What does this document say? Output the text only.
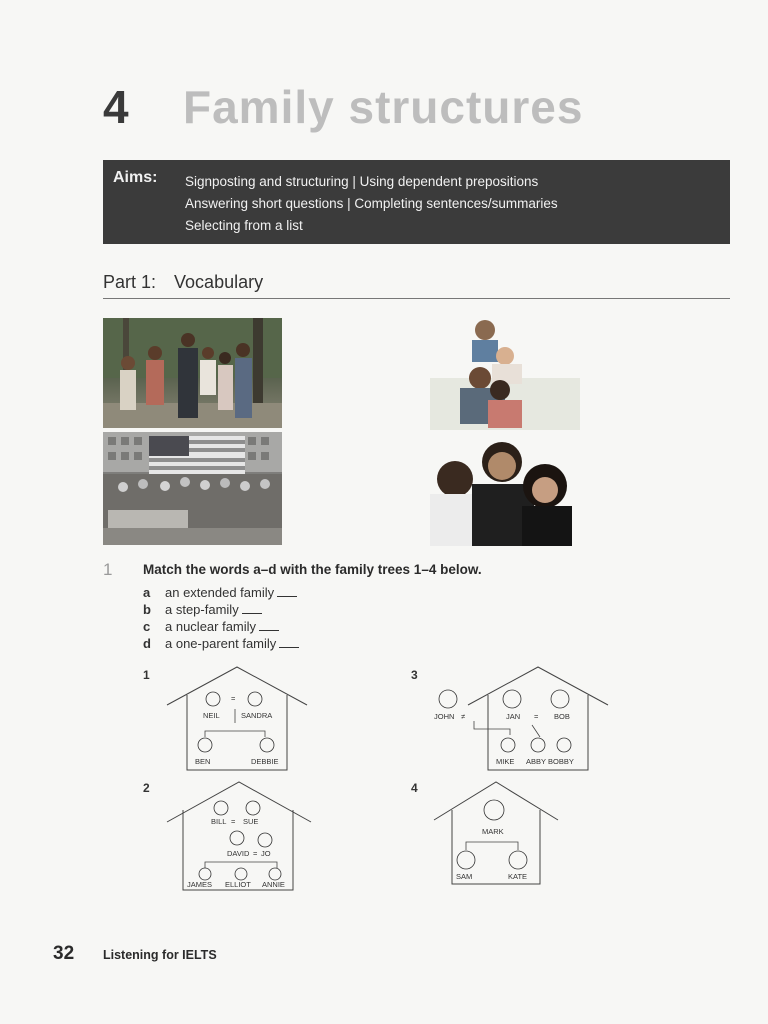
4 Family structures
Aims: Signposting and structuring | Using dependent prepositions
Answering short questions | Completing sentences/summaries
Selecting from a list
Part 1: Vocabulary
1 Match the words a–d with the family trees 1–4 below.
a an extended family
b a step-family
c a nuclear family
d a one-parent family
1
2
3
4
=
NEIL	SANDRA
BEN	DEBBIE
BILL = SUE
DAVID = JO
JAMES ELLIOT ANNIE
JOHN ≠	JAN = BOB
MIKE ABBY BOBBY
MARK
SAM	KATE
32 Listening for IELTS
